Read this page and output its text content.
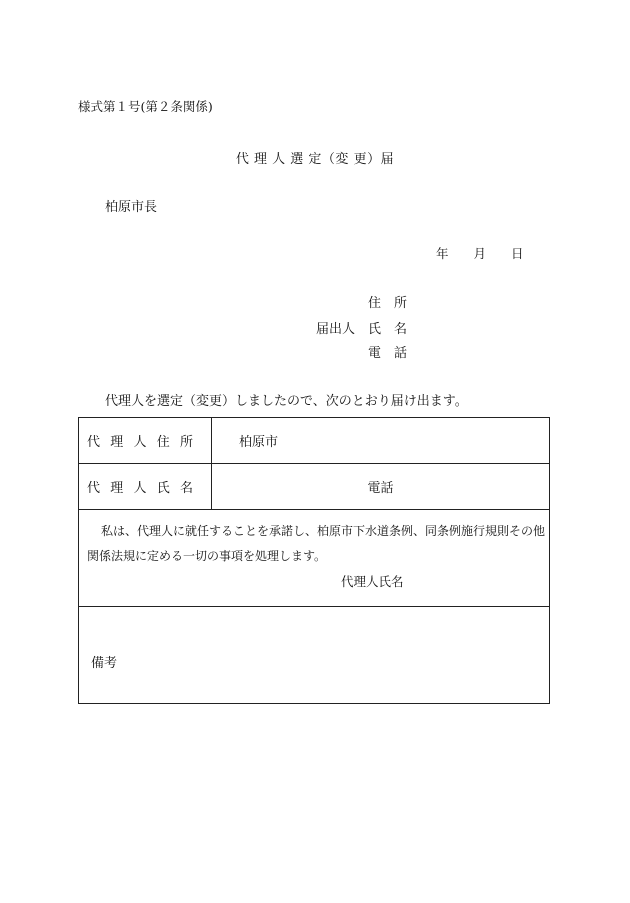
様式第１号(第２条関係)
代 理 人 選 定（変 更）届
柏原市長
年 月 日
住　所
届出人 氏　名
電　話
代理人を選定（変更）しましたので、次のとおり届け出ます。
代 理 人 住 所	柏原市

代 理 人 氏 名	電話

私は、代理人に就任することを承諾し、柏原市下水道条例、同条例施行規則その他
関係法規に定める一切の事項を処理します。
代理人氏名	

備考	
